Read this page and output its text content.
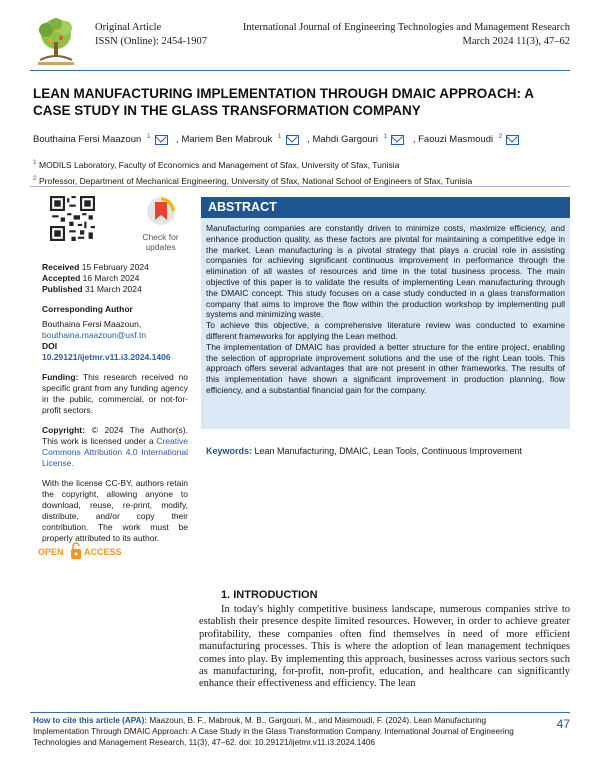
Original Article
ISSN (Online): 2454-1907
International Journal of Engineering Technologies and Management Research
March 2024 11(3), 47–62
LEAN MANUFACTURING IMPLEMENTATION THROUGH DMAIC APPROACH: A CASE STUDY IN THE GLASS TRANSFORMATION COMPANY
Bouthaina Fersi Maazoun $^1$	, Mariem Ben Mabrouk $^1$	, Mahdi Gargouri $^1$	, Faouzi Masmoudi $^2$
$^1$ MODILS Laboratory, Faculty of Economics and Management of Sfax, University of Sfax, Tunisia
$^2$ Professor, Department of Mechanical Engineering, University of Sfax, National School of Engineers of Sfax, Tunisia
Check for
updates
Received 15 February 2024
Accepted 16 March 2024
Published 31 March 2024
Corresponding Author
Bouthaina Fersi Maazoun,
bouthaina.maazoun@usf.tn
DOI
10.29121/ijetmr.v11.i3.2024.1406
Funding: This research received no specific grant from any funding agency in the public, commercial, or not-for-profit sectors.
Copyright: © 2024 The Author(s). This work is licensed under a Creative Commons Attribution 4.0 International License.
With the license CC-BY, authors retain the copyright, allowing anyone to download, reuse, re-print, modify, distribute, and/or copy their contribution. The work must be properly attributed to its author.
OPEN ACCESS
ABSTRACT

Manufacturing companies are constantly driven to minimize costs, maximize efficiency, and enhance production quality, as these factors are pivotal for maintaining a competitive edge in the market. Lean manufacturing is a pivotal strategy that plays a crucial role in assisting companies for achieving significant continuous improvement in performance through the elimination of all wastes of resources and time in the total business process. The main objective of this paper is to validate the results of implementing Lean manufacturing through the DMAIC concept. This study focuses on a case study conducted in a glass transformation company that aims to improve the flow within the production workshop by implementing pull systems and minimizing waste.

To achieve this objective, a comprehensive literature review was conducted to examine different frameworks for applying the Lean method.

The implementation of DMAIC has provided a better structure for the entire project, enabling the selection of appropriate improvement solutions and the use of the right Lean tools. This approach offers several advantages that are not present in other frameworks. The results of this implementation have shown a significant improvement in production planning, flow efficiency, and a substantial financial gain for the company.

Keywords: Lean Manufacturing, DMAIC, Lean Tools, Continuous Improvement
1. INTRODUCTION
In today's highly competitive business landscape, numerous companies strive to establish their presence despite limited resources. However, in order to achieve greater profitability, these companies often find themselves in need of more efficient manufacturing processes. This is where the adoption of lean management techniques comes into play. By implementing this approach, businesses across various sectors such as manufacturing, for-profit, non-profit, education, and healthcare can significantly enhance their effectiveness and efficiency. The lean
How to cite this article (APA): Maazoun, B. F., Mabrouk, M. B., Gargouri, M., and Masmoudi, F. (2024). Lean Manufacturing Implementation Through DMAIC Approach: A Case Study in the Glass Transformation Company. International Journal of Engineering Technologies and Management Research, 11(3), 47–62. doi: 10.29121/ijetmr.v11.i3.2024.1406
47
